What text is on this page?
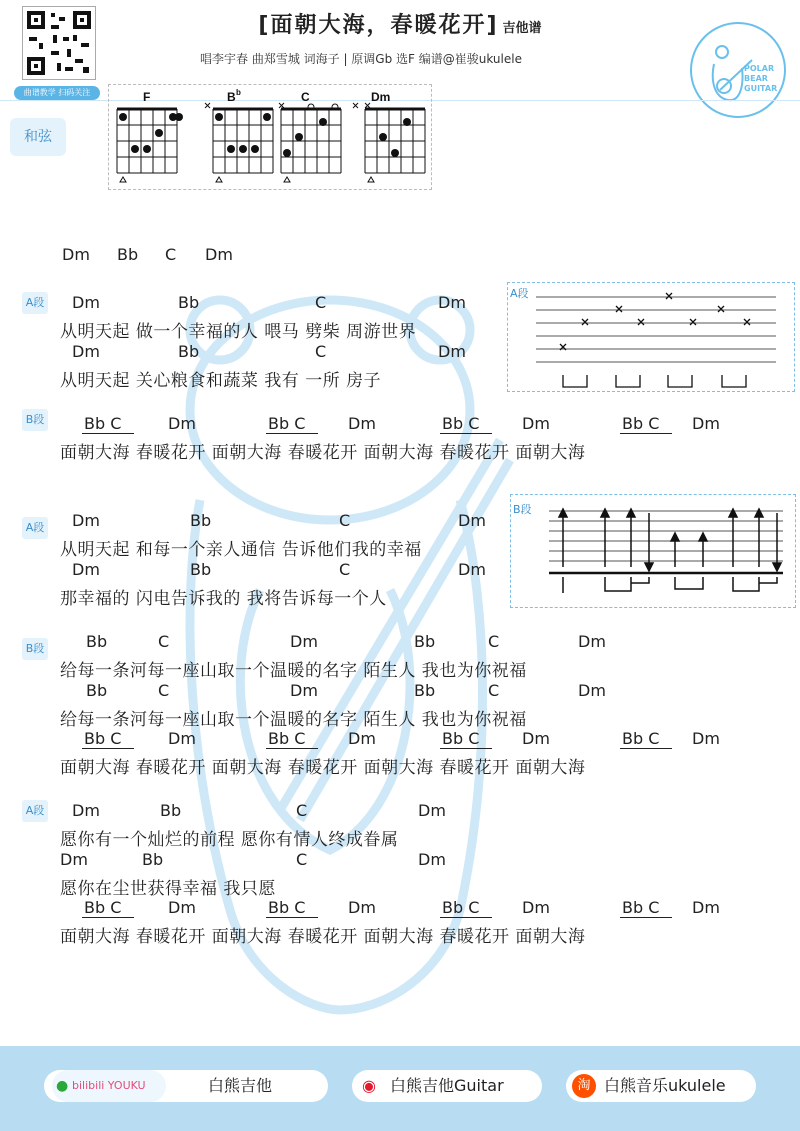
曲谱教学 扫码关注
[面朝大海，春暖花开] 吉他谱
唱李宇春 曲郑雪城 词海子 | 原调Gb 选F 编谱@崔骏ukulele
POLAR
BEAR
GUITAR
和弦
F	B b	C	Dm
Dm Bb C Dm
A段 Dm	Bb	C	Dm
从明天起 做一个幸福的人 喂马 劈柴 周游世界
Dm	Bb	C	Dm
从明天起 关心粮食和蔬菜 我有 一所 房子
A段
B段 Bb C	Dm	Bb C	Dm	Bb C	Dm	Bb C Dm
面朝大海 春暖花开 面朝大海 春暖花开 面朝大海 春暖花开 面朝大海
A段 Dm	Bb	C	Dm
从明天起 和每一个亲人通信 告诉他们我的幸福
Dm	Bb	C	Dm
那幸福的 闪电告诉我的 我将告诉每一个人
B段
B段	Bb	C	Dm	Bb	C	Dm
给每一条河每一座山取一个温暖的名字 陌生人 我也为你祝福
Bb	C	Dm	Bb	C	Dm
给每一条河每一座山取一个温暖的名字 陌生人 我也为你祝福
Bb C	Dm	Bb C	Dm	Bb C	Dm	Bb C Dm
面朝大海 春暖花开 面朝大海 春暖花开 面朝大海 春暖花开 面朝大海
A段 Dm	Bb	C	Dm
愿你有一个灿烂的前程 愿你有情人终成眷属
Dm	Bb	C	Dm
愿你在尘世获得幸福 我只愿
Bb C	Dm	Bb C	Dm	Bb C	Dm	Bb C Dm
面朝大海 春暖花开 面朝大海 春暖花开 面朝大海 春暖花开 面朝大海
● bilibili YOUKU	白熊吉他	◉ 白熊吉他Guitar	淘 白熊音乐ukulele
